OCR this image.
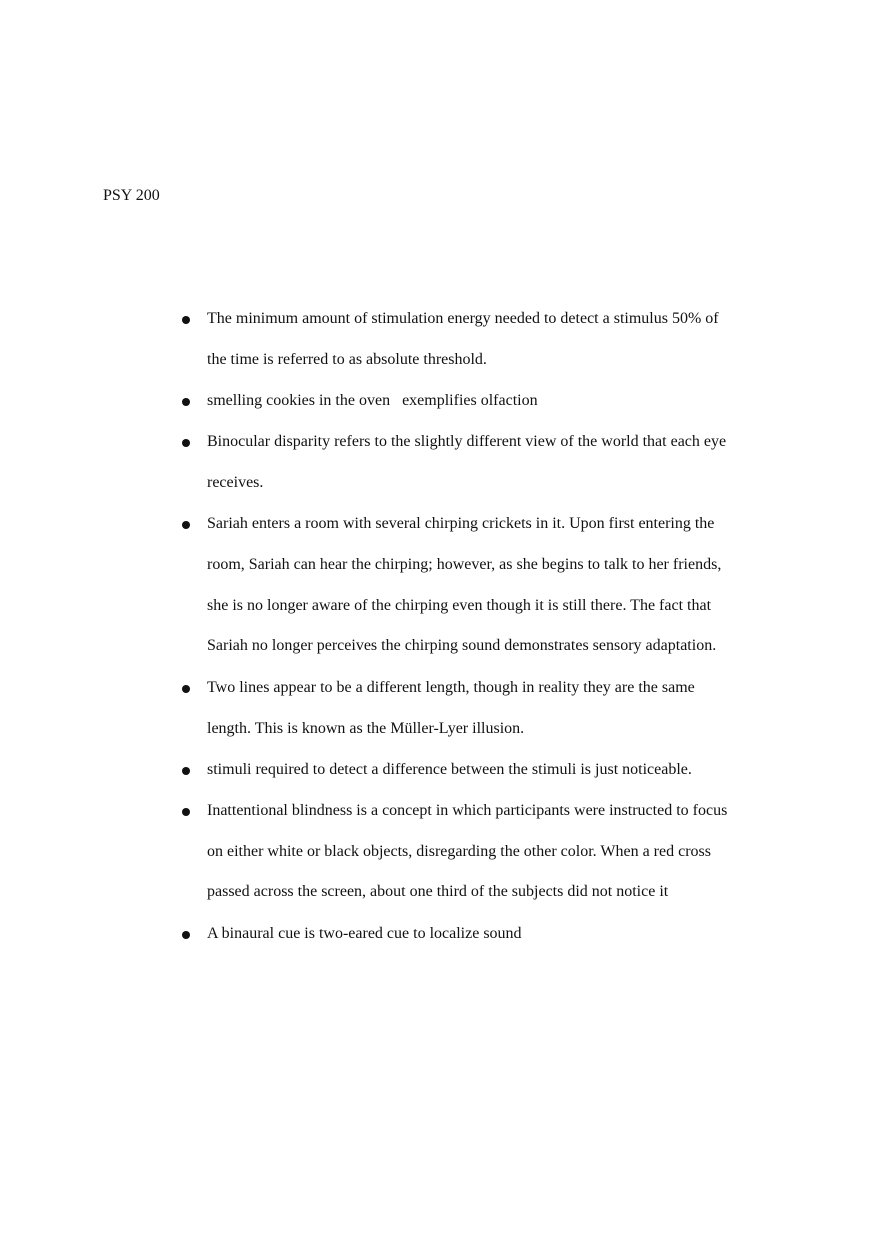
PSY 200
The minimum amount of stimulation energy needed to detect a stimulus 50% of
the time is referred to as absolute threshold.
smelling cookies in the oven   exemplifies olfaction
Binocular disparity refers to the slightly different view of the world that each eye
receives.
Sariah enters a room with several chirping crickets in it. Upon first entering the
room, Sariah can hear the chirping; however, as she begins to talk to her friends,
she is no longer aware of the chirping even though it is still there. The fact that
Sariah no longer perceives the chirping sound demonstrates sensory adaptation.
Two lines appear to be a different length, though in reality they are the same
length. This is known as the Müller-Lyer illusion.
stimuli required to detect a difference between the stimuli is just noticeable.
Inattentional blindness is a concept in which participants were instructed to focus
on either white or black objects, disregarding the other color. When a red cross
passed across the screen, about one third of the subjects did not notice it
A binaural cue is two-eared cue to localize sound
